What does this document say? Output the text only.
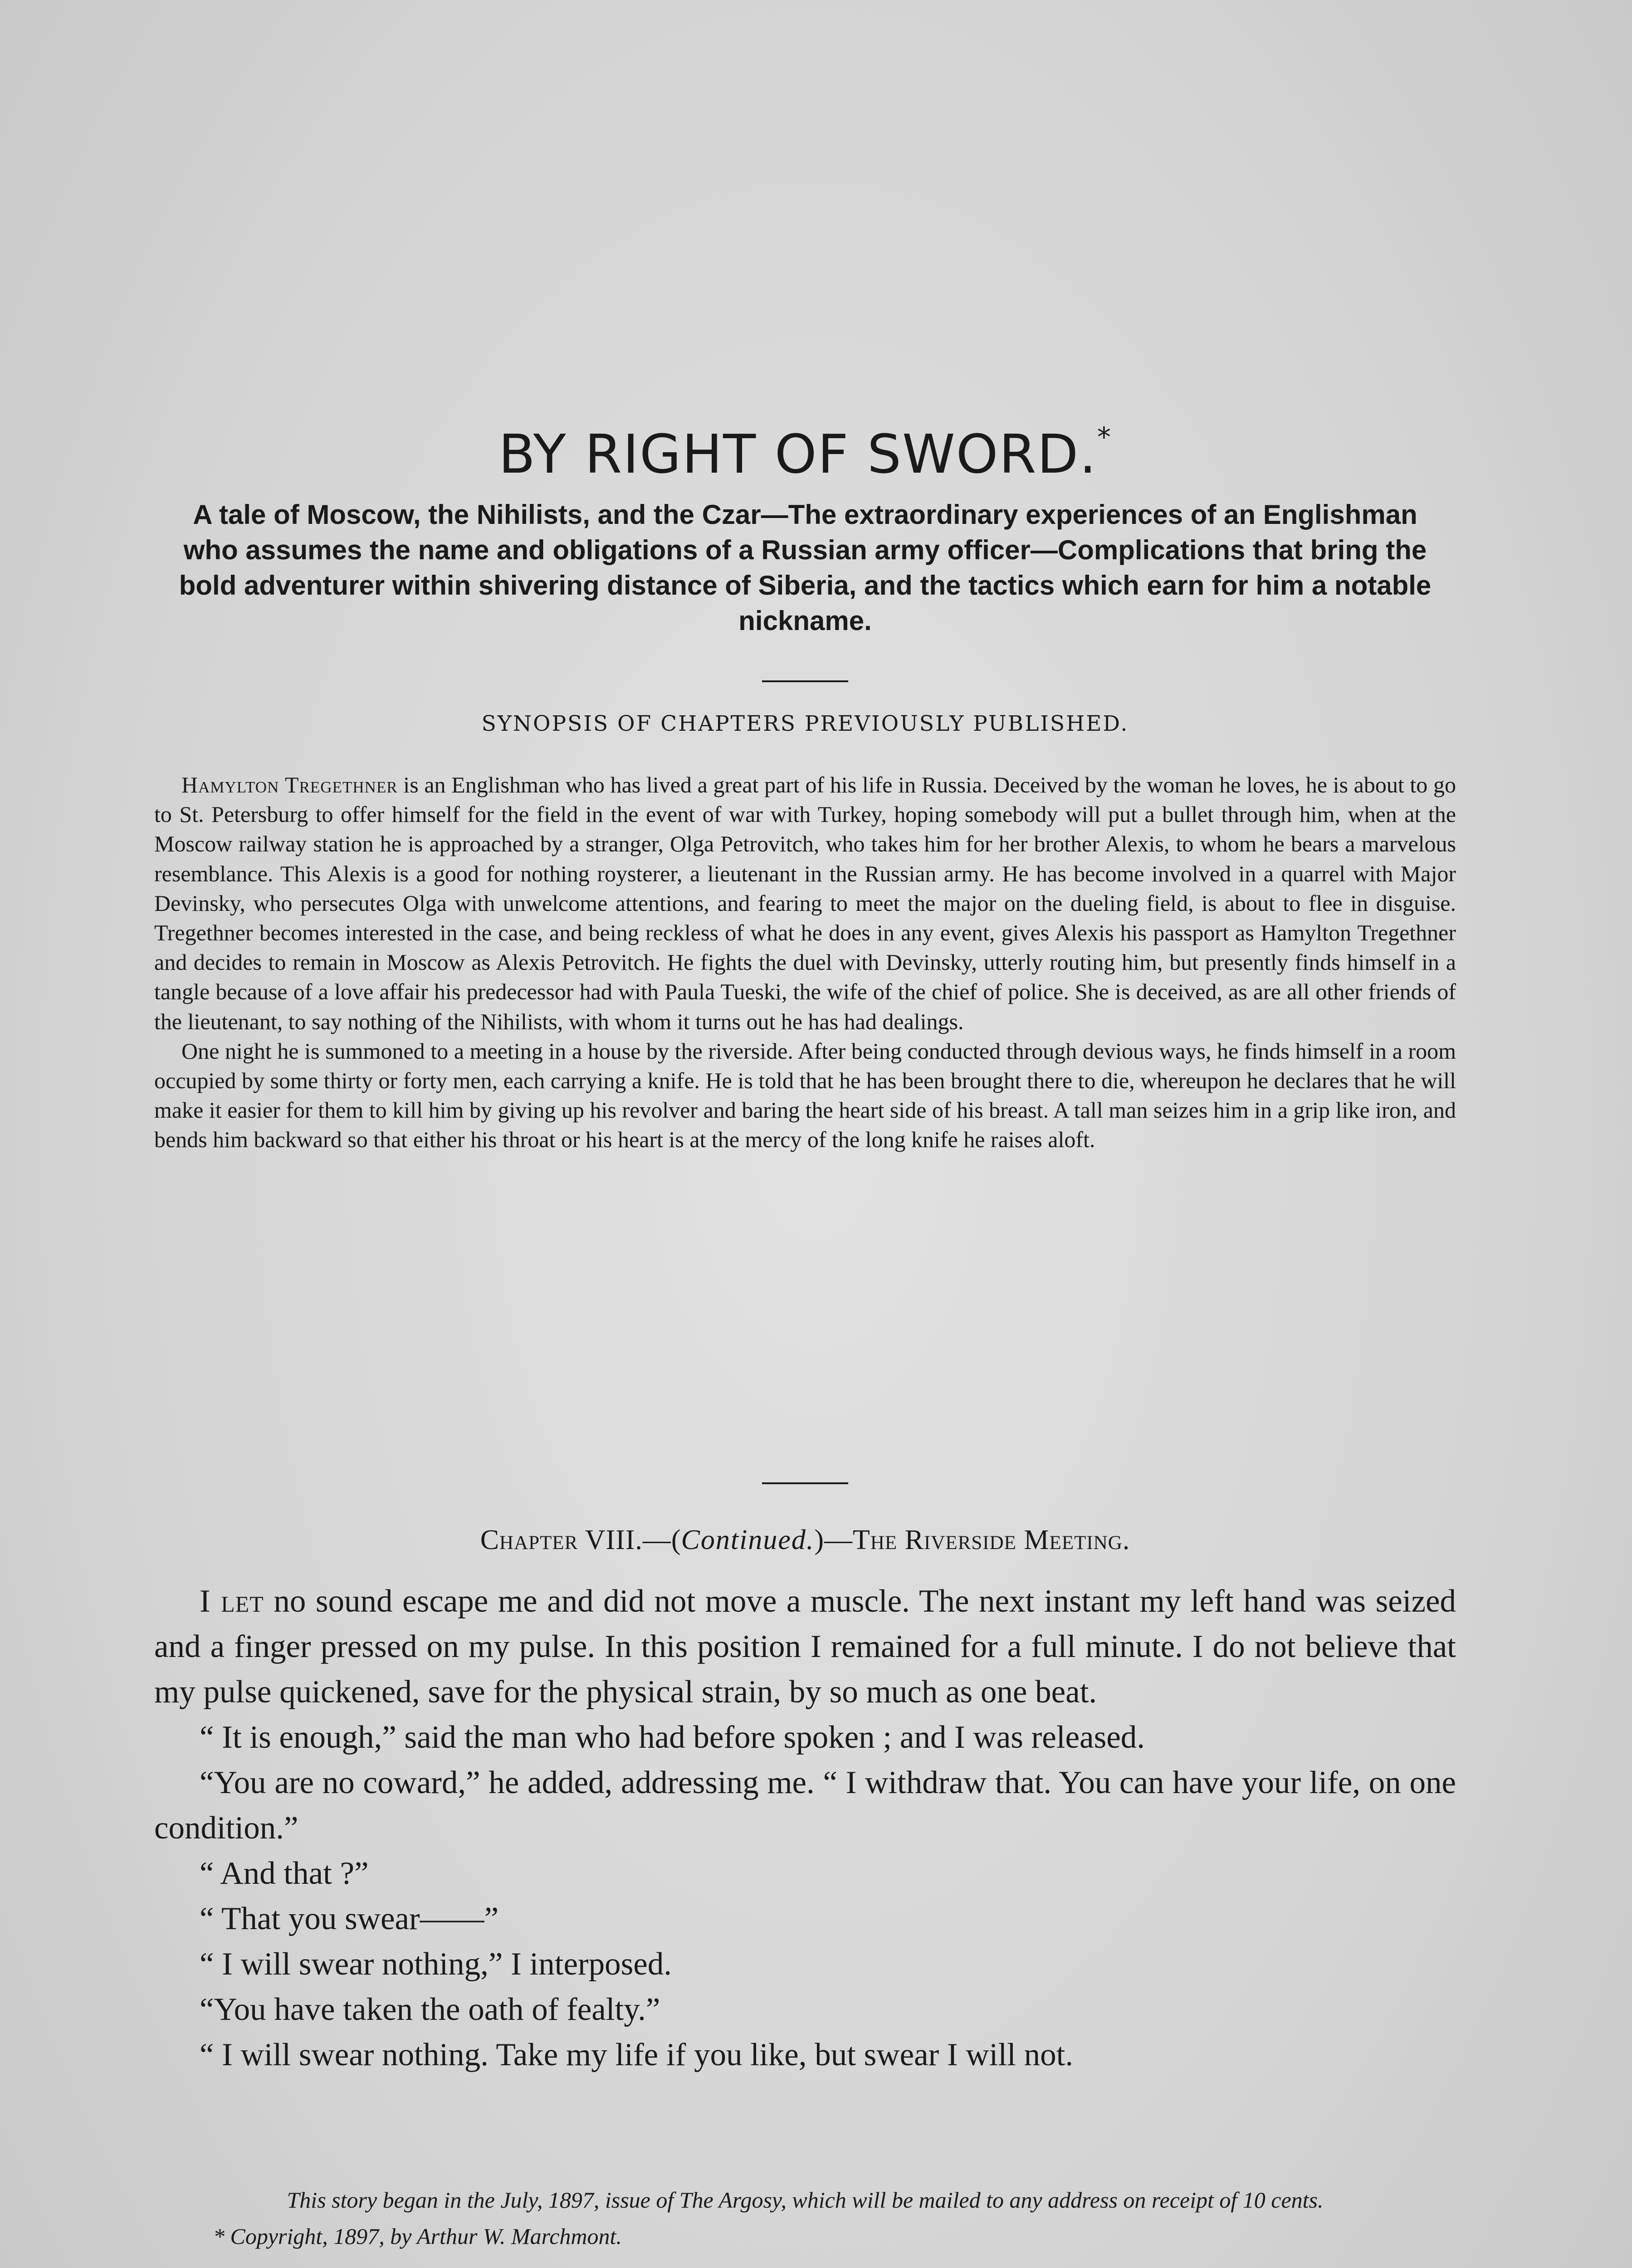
BY RIGHT OF SWORD.*
A tale of Moscow, the Nihilists, and the Czar—The extraordinary experiences of an Englishman who assumes the name and obligations of a Russian army officer—Complications that bring the bold adventurer within shivering distance of Siberia, and the tactics which earn for him a notable nickname.
SYNOPSIS OF CHAPTERS PREVIOUSLY PUBLISHED.

Hamylton Tregethner is an Englishman who has lived a great part of his life in Russia. Deceived by the woman he loves, he is about to go to St. Petersburg to offer himself for the field in the event of war with Turkey, hoping somebody will put a bullet through him, when at the Moscow railway station he is approached by a stranger, Olga Petrovitch, who takes him for her brother Alexis, to whom he bears a marvelous resemblance. This Alexis is a good for nothing roysterer, a lieutenant in the Russian army. He has become involved in a quarrel with Major Devinsky, who persecutes Olga with unwelcome attentions, and fearing to meet the major on the dueling field, is about to flee in disguise. Tregethner becomes interested in the case, and being reckless of what he does in any event, gives Alexis his passport as Hamylton Tregethner and decides to remain in Moscow as Alexis Petrovitch. He fights the duel with Devinsky, utterly routing him, but presently finds himself in a tangle because of a love affair his predecessor had with Paula Tueski, the wife of the chief of police. She is deceived, as are all other friends of the lieutenant, to say nothing of the Nihilists, with whom it turns out he has had dealings.

One night he is summoned to a meeting in a house by the riverside. After being conducted through devious ways, he finds himself in a room occupied by some thirty or forty men, each carrying a knife. He is told that he has been brought there to die, whereupon he declares that he will make it easier for them to kill him by giving up his revolver and baring the heart side of his breast. A tall man seizes him in a grip like iron, and bends him backward so that either his throat or his heart is at the mercy of the long knife he raises aloft.

Chapter VIII.—(Continued.)—The Riverside Meeting.

I let no sound escape me and did not move a muscle. The next instant my left hand was seized and a finger pressed on my pulse. In this position I remained for a full minute. I do not believe that my pulse quickened, save for the physical strain, by so much as one beat.

“ It is enough,” said the man who had before spoken ; and I was released.

“You are no coward,” he added, addressing me. “ I withdraw that. You can have your life, on one condition.”

“ And that ?”

“ That you swear——”

“ I will swear nothing,” I interposed.

“You have taken the oath of fealty.”

“ I will swear nothing. Take my life if you like, but swear I will not.

This story began in the July, 1897, issue of The Argosy, which will be mailed to any address on receipt of 10 cents.
* Copyright, 1897, by Arthur W. Marchmont.
